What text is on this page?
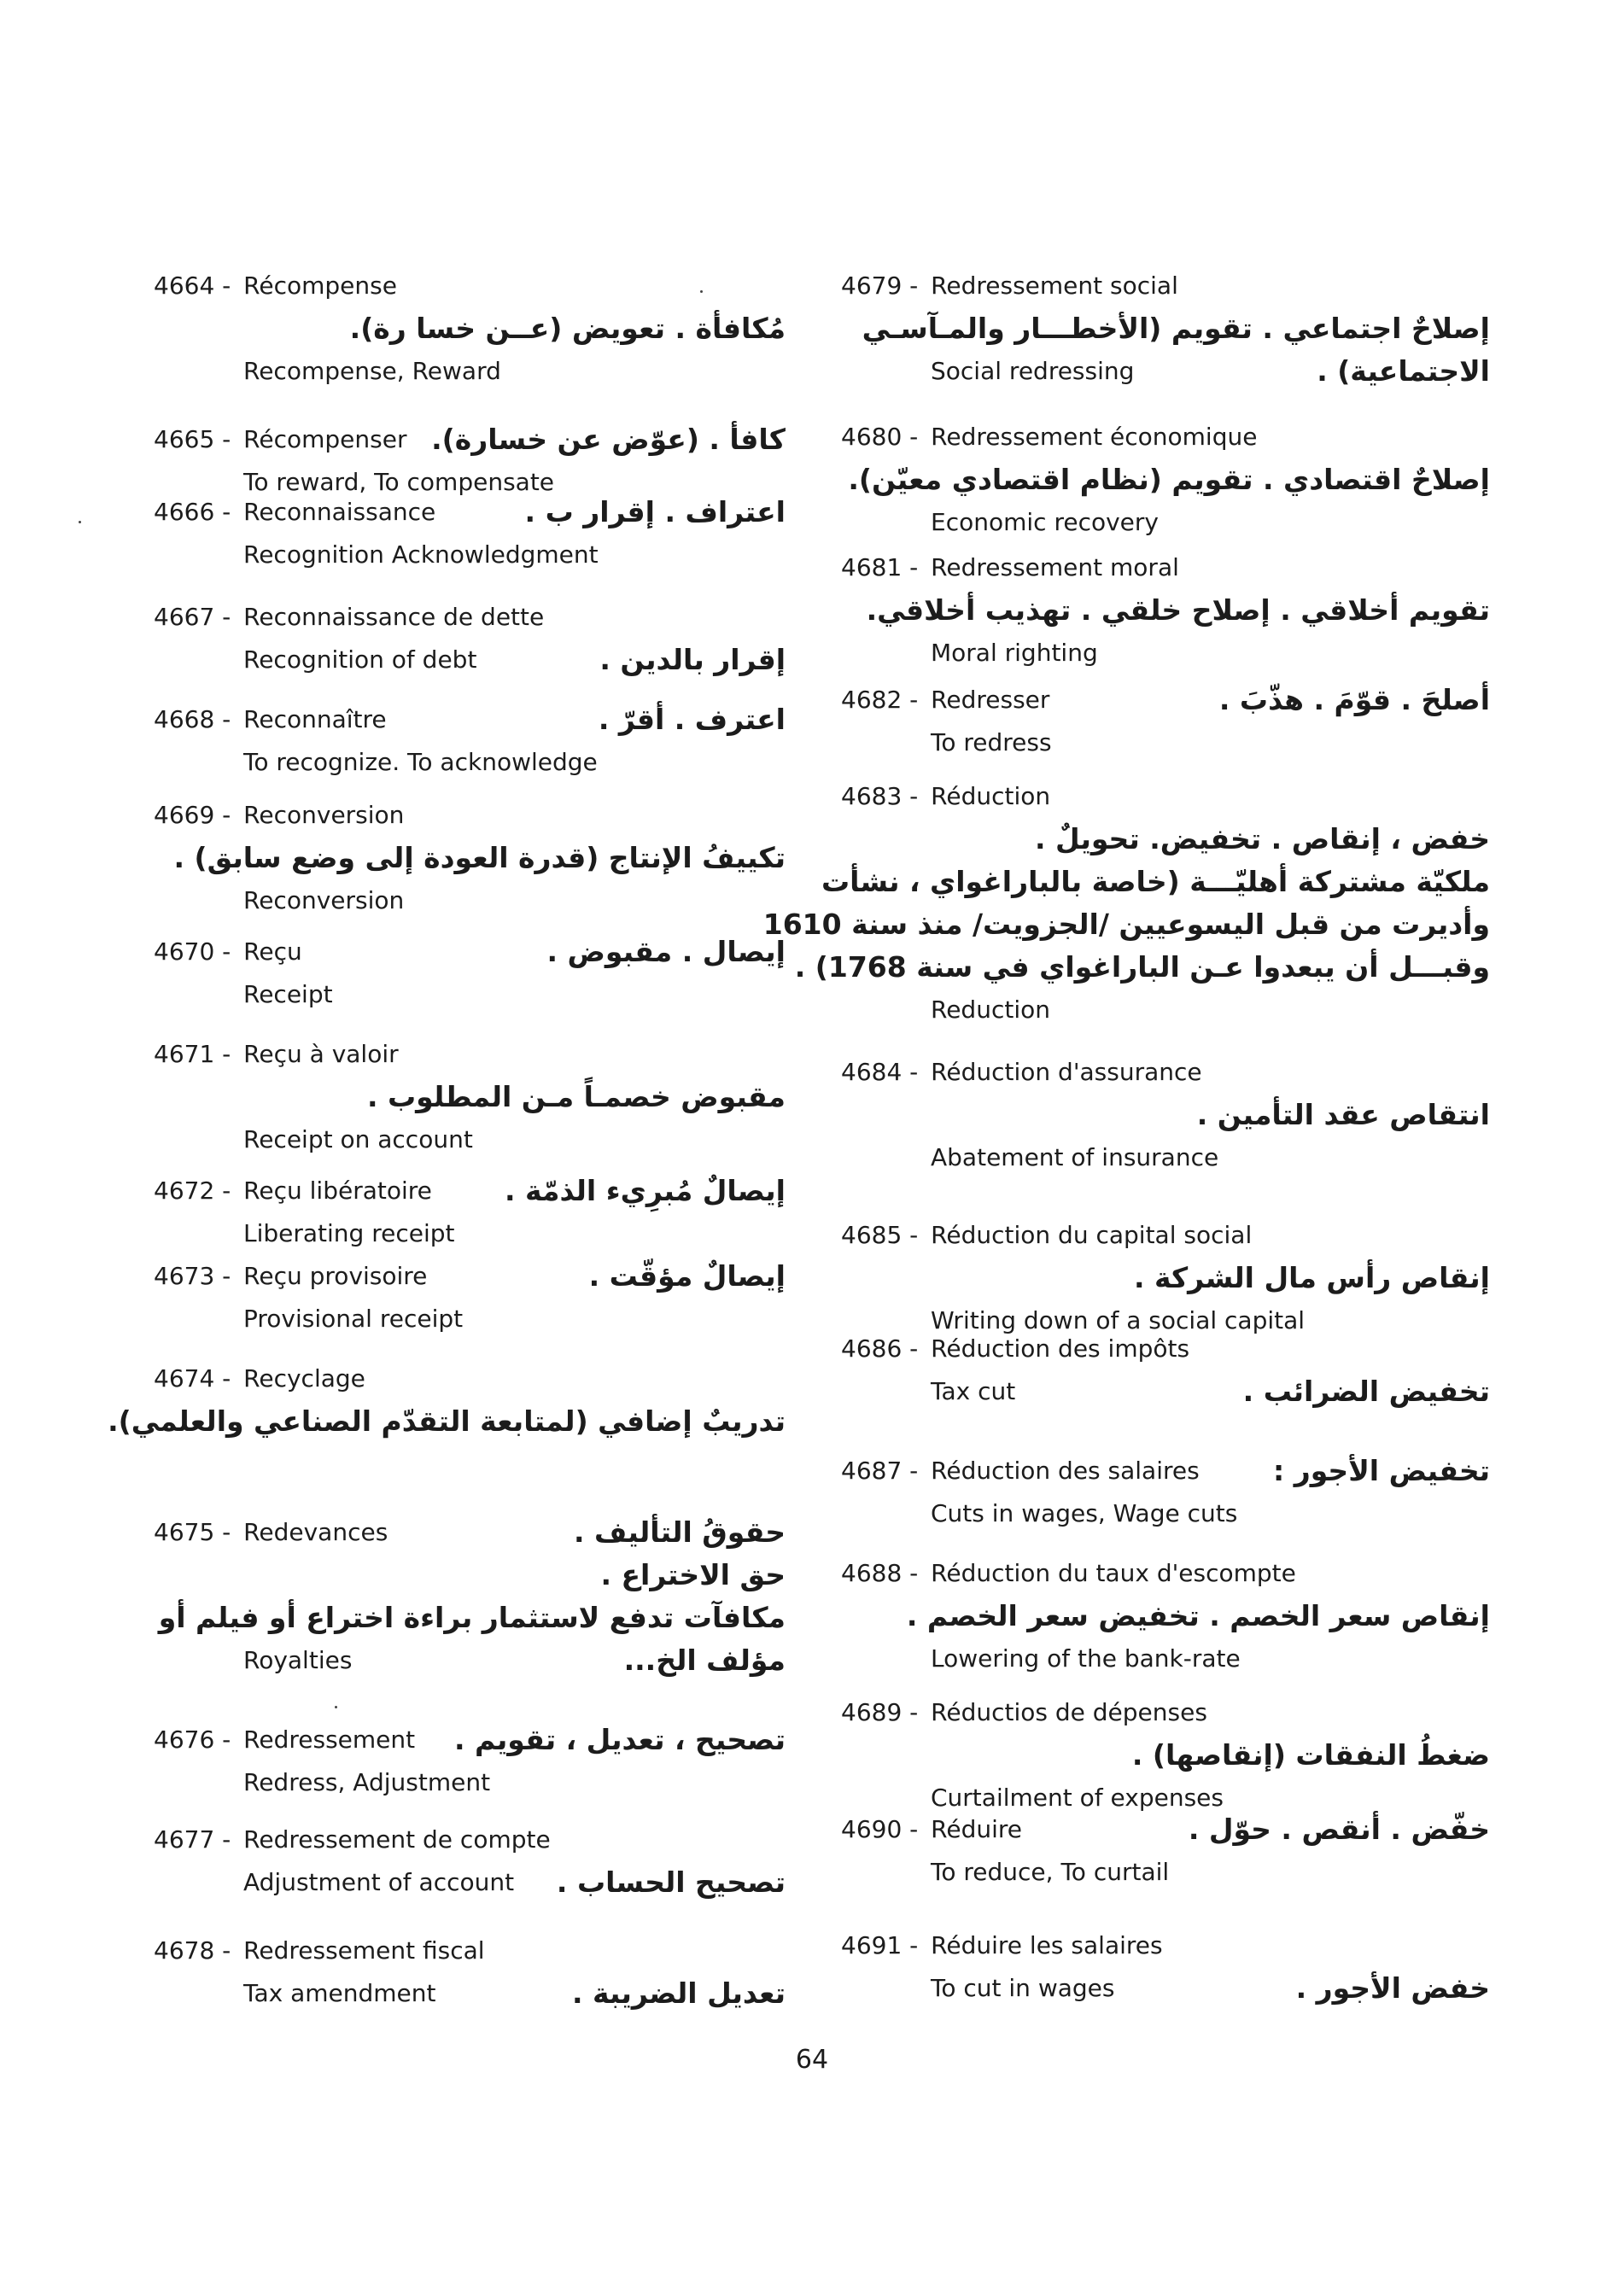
4664 - Récompense
مُكافأة . تعويض (عــن خسا رة).
Recompense, Reward
4665 - Récompenser كافأ . (عوّض عن خسارة).
To reward, To compensate
4666 - Reconnaissance	اعتراف . إقرار ب .
Recognition Acknowledgment
4667 - Reconnaissance de dette
Recognition of debt	إقرار بالدين .
4668 - Reconnaître	اعترف . أقرّ .
To recognize. To acknowledge
4669 - Reconversion
تكييفُ الإنتاج (قدرة العودة إلى وضع سابق) .
Reconversion
4670 - Reçu	إيصال . مقبوض .
Receipt
4671 - Reçu à valoir
مقبوض خصمـاً مـن المطلوب .
Receipt on account
4672 - Reçu libératoire	إيصالٌ مُبرِيء الذمّة .
Liberating receipt
4673 - Reçu provisoire	إيصالٌ مؤقّت .
Provisional receipt
4674 - Recyclage
تدريبٌ إضافي (لمتابعة التقدّم الصناعي والعلمي).
4675 - Redevances	حقوقُ التأليف .
حق الاختراع .
مكافآت تدفع لاستثمار براءة اختراع أو فيلم أو
Royalties	مؤلف الخ...
4676 - Redressement	تصحيح ، تعديل ، تقويم .
Redress, Adjustment
4677 - Redressement de compte
Adjustment of account تصحيح الحساب .
4678 - Redressement fiscal
Tax amendment	تعديل الضريبة .
4679 - Redressement social
إصلاحٌ اجتماعي . تقويم (الأخطـــار والمـآسـي
Social redressing	الاجتماعية) .
4680 - Redressement économique
إصلاحٌ اقتصادي . تقويم (نظام اقتصادي معيّن).
Economic recovery
4681 - Redressement moral
تقويم أخلاقي . إصلاح خلقي . تهذيب أخلاقي.
Moral righting
4682 - Redresser	أصلحَ . قوّمَ . هذّبَ .
To redress
4683 - Réduction
خفض ، إنقاص . تخفيض. تحويلٌ .
ملكيّة مشتركة أهليّـــة (خاصة بالباراغواي ، نشأت
وأديرت من قبل اليسوعيين /الجزويت/ منذ سنة 1610
وقبـــل أن يبعدوا عـن الباراغواي في سنة 1768) .
Reduction
4684 - Réduction d'assurance
انتقاص عقد التأمين .
Abatement of insurance
4685 - Réduction du capital social
إنقاص رأس مال الشركة .
Writing down of a social capital
4686 - Réduction des impôts
Tax cut	تخفيض الضرائب .
4687 - Réduction des salaires	تخفيض الأجور :
Cuts in wages, Wage cuts
4688 - Réduction du taux d'escompte
إنقاص سعر الخصم . تخفيض سعر الخصم .
Lowering of the bank-rate
4689 - Réductios de dépenses
ضغطُ النفقات (إنقاصها) .
Curtailment of expenses
4690 - Réduire	خفّض . أنقص . حوّل .
To reduce, To curtail
4691 - Réduire les salaires
To cut in wages	خفض الأجور .
64
